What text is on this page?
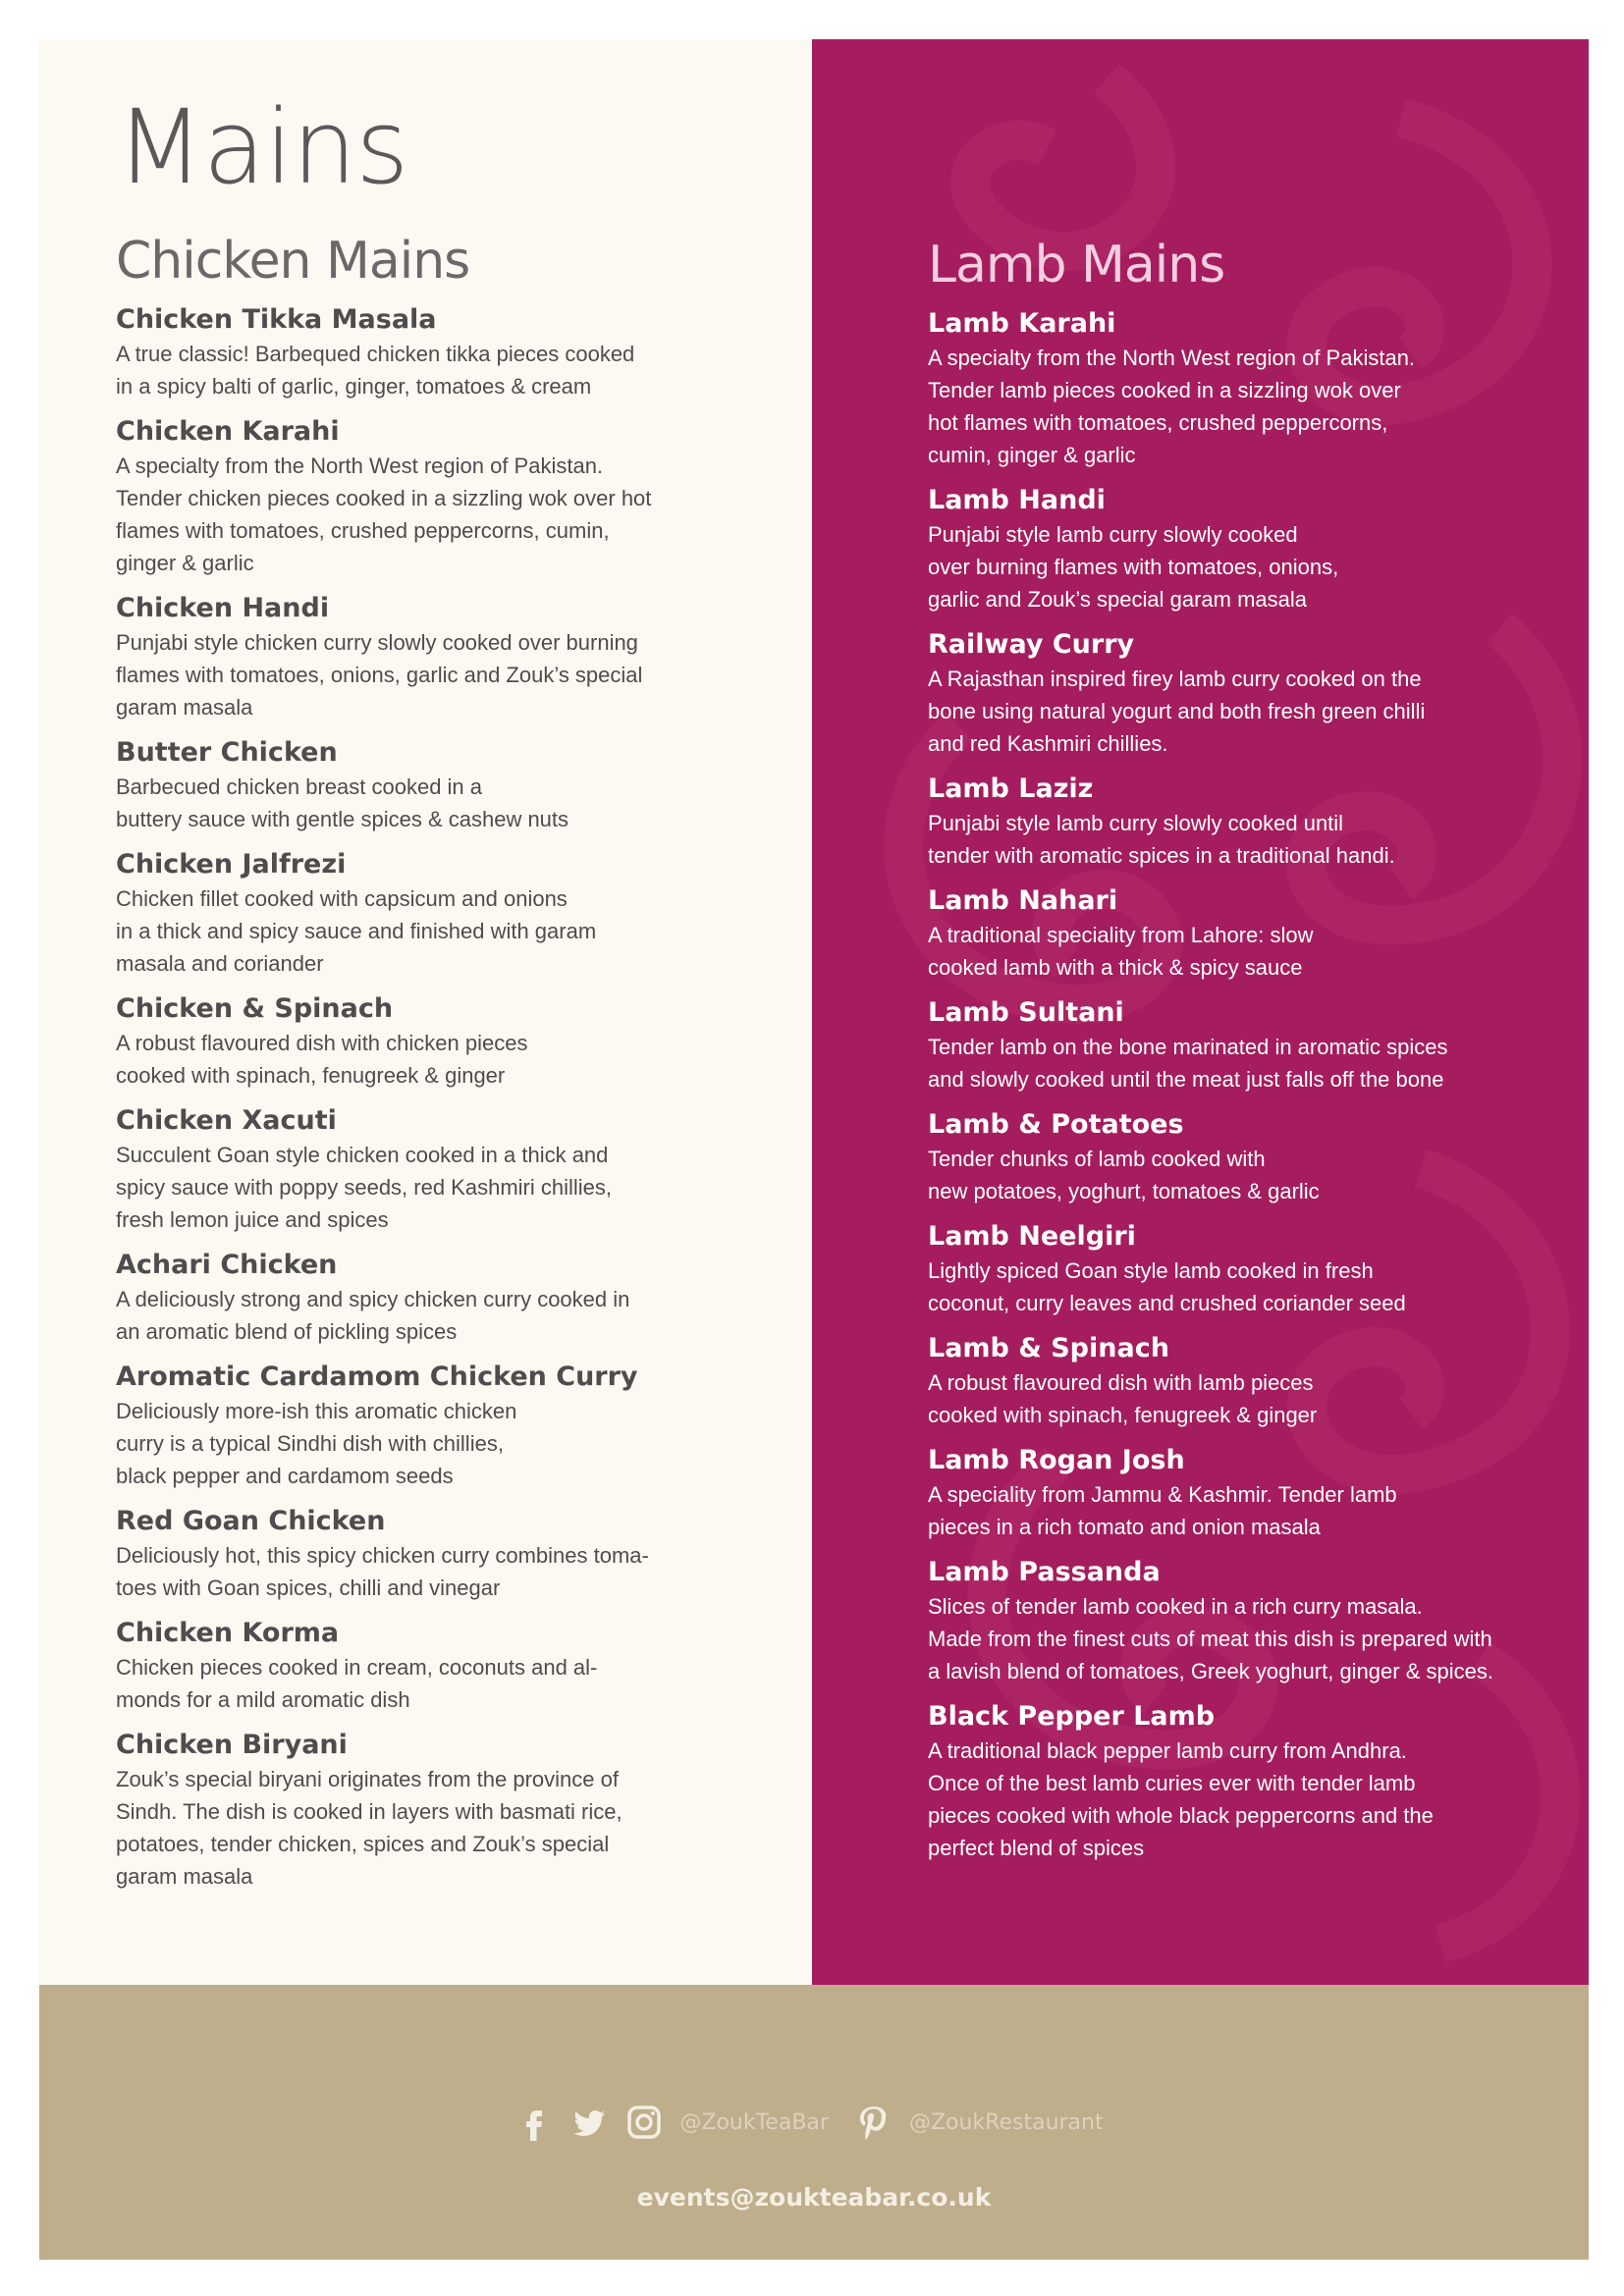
Mains
Chicken Mains
Chicken Tikka Masala
A true classic! Barbequed chicken tikka pieces cooked
in a spicy balti of garlic, ginger, tomatoes & cream
Chicken Karahi
A specialty from the North West region of Pakistan.
Tender chicken pieces cooked in a sizzling wok over hot
flames with tomatoes, crushed peppercorns, cumin,
ginger & garlic
Chicken Handi
Punjabi style chicken curry slowly cooked over burning
flames with tomatoes, onions, garlic and Zouk’s special
garam masala
Butter Chicken
Barbecued chicken breast cooked in a
buttery sauce with gentle spices & cashew nuts
Chicken Jalfrezi
Chicken fillet cooked with capsicum and onions
in a thick and spicy sauce and finished with garam
masala and coriander
Chicken & Spinach
A robust flavoured dish with chicken pieces
cooked with spinach, fenugreek & ginger
Chicken Xacuti
Succulent Goan style chicken cooked in a thick and
spicy sauce with poppy seeds, red Kashmiri chillies,
fresh lemon juice and spices
Achari Chicken
A deliciously strong and spicy chicken curry cooked in
an aromatic blend of pickling spices
Aromatic Cardamom Chicken Curry
Deliciously more-ish this aromatic chicken
curry is a typical Sindhi dish with chillies,
black pepper and cardamom seeds
Red Goan Chicken
Deliciously hot, this spicy chicken curry combines toma-
toes with Goan spices, chilli and vinegar
Chicken Korma
Chicken pieces cooked in cream, coconuts and al-
monds for a mild aromatic dish
Chicken Biryani
Zouk’s special biryani originates from the province of
Sindh. The dish is cooked in layers with basmati rice,
potatoes, tender chicken, spices and Zouk’s special
garam masala
Lamb Mains
Lamb Karahi
A specialty from the North West region of Pakistan.
Tender lamb pieces cooked in a sizzling wok over
hot flames with tomatoes, crushed peppercorns,
cumin, ginger & garlic
Lamb Handi
Punjabi style lamb curry slowly cooked
over burning flames with tomatoes, onions,
garlic and Zouk’s special garam masala
Railway Curry
A Rajasthan inspired firey lamb curry cooked on the
bone using natural yogurt and both fresh green chilli
and red Kashmiri chillies.
Lamb Laziz
Punjabi style lamb curry slowly cooked until
tender with aromatic spices in a traditional handi.
Lamb Nahari
A traditional speciality from Lahore: slow
cooked lamb with a thick & spicy sauce
Lamb Sultani
Tender lamb on the bone marinated in aromatic spices
and slowly cooked until the meat just falls off the bone
Lamb & Potatoes
Tender chunks of lamb cooked with
new potatoes, yoghurt, tomatoes & garlic
Lamb Neelgiri
Lightly spiced Goan style lamb cooked in fresh
coconut, curry leaves and crushed coriander seed
Lamb & Spinach
A robust flavoured dish with lamb pieces
cooked with spinach, fenugreek & ginger
Lamb Rogan Josh
A speciality from Jammu & Kashmir. Tender lamb
pieces in a rich tomato and onion masala
Lamb Passanda
Slices of tender lamb cooked in a rich curry masala.
Made from the finest cuts of meat this dish is prepared with
a lavish blend of tomatoes, Greek yoghurt, ginger & spices.
Black Pepper Lamb
A traditional black pepper lamb curry from Andhra.
Once of the best lamb curies ever with tender lamb
pieces cooked with whole black peppercorns and the
perfect blend of spices
@ZoukTeaBar	@ZoukRestaurant
events@zoukteabar.co.uk
